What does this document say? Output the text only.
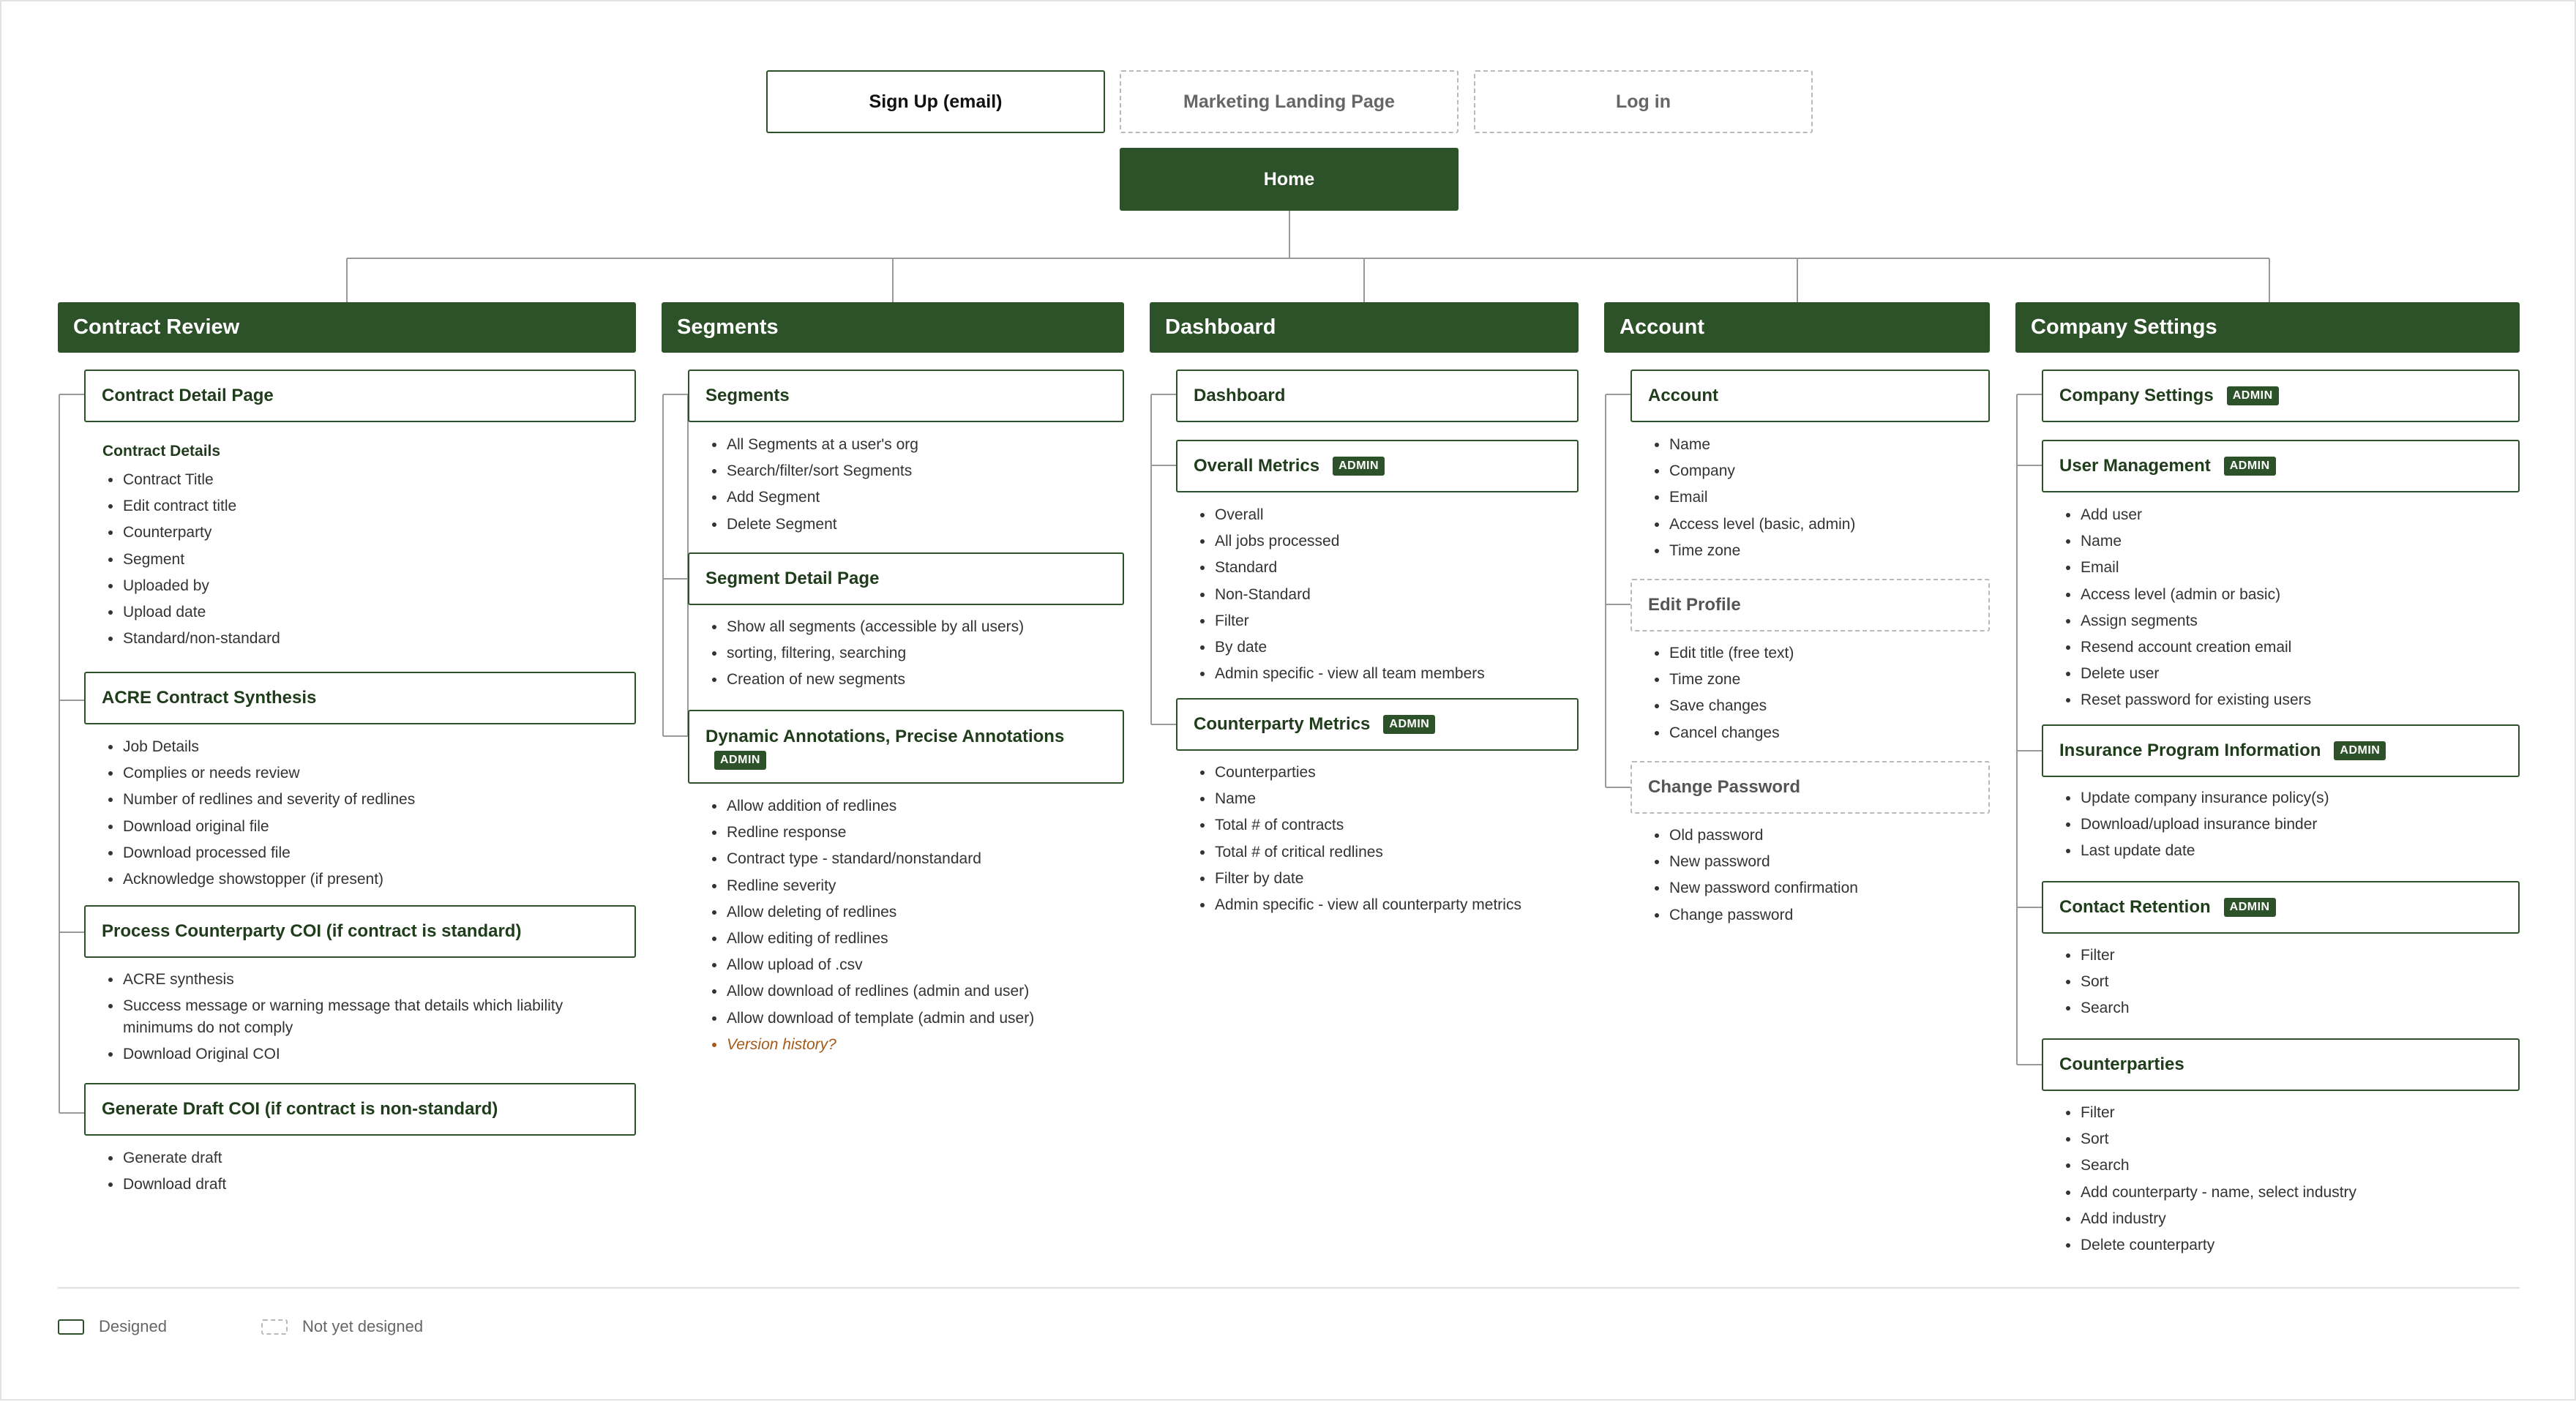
Sign Up (email)	Marketing Landing Page	Log in
Home
Contract Review	Segments	Dashboard	Account	Company Settings
Contract Detail Page
Contract Details
Contract Title
Edit contract title
Counterparty
Segment
Uploaded by
Upload date
Standard/non-standard
ACRE Contract Synthesis
Job Details
Complies or needs review
Number of redlines and severity of redlines
Download original file
Download processed file
Acknowledge showstopper (if present)
Process Counterparty COI (if contract is standard)
ACRE synthesis
Success message or warning message that details which liability minimums do not comply
Download Original COI
Generate Draft COI (if contract is non-standard)
Generate draft
Download draft
Segments
All Segments at a user's org
Search/filter/sort Segments
Add Segment
Delete Segment
Segment Detail Page
Show all segments (accessible by all users)
sorting, filtering, searching
Creation of new segments
Dynamic Annotations, Precise Annotations
ADMIN
Allow addition of redlines
Redline response
Contract type - standard/nonstandard
Redline severity
Allow deleting of redlines
Allow editing of redlines
Allow upload of .csv
Allow download of redlines (admin and user)
Allow download of template (admin and user)
Version history?
Dashboard
Overall Metrics	ADMIN
Overall
All jobs processed
Standard
Non-Standard
Filter
By date
Admin specific - view all team members
Counterparty Metrics	ADMIN
Counterparties
Name
Total # of contracts
Total # of critical redlines
Filter by date
Admin specific - view all counterparty metrics
Account
Name
Company
Email
Access level (basic, admin)
Time zone
Edit Profile
Edit title (free text)
Time zone
Save changes
Cancel changes
Change Password
Old password
New password
New password confirmation
Change password
Company Settings	ADMIN
User Management	ADMIN
Add user
Name
Email
Access level (admin or basic)
Assign segments
Resend account creation email
Delete user
Reset password for existing users
Insurance Program Information	ADMIN
Update company insurance policy(s)
Download/upload insurance binder
Last update date
Contact Retention	ADMIN
Filter
Sort
Search
Counterparties
Filter
Sort
Search
Add counterparty - name, select industry
Add industry
Delete counterparty
Designed	Not yet designed
